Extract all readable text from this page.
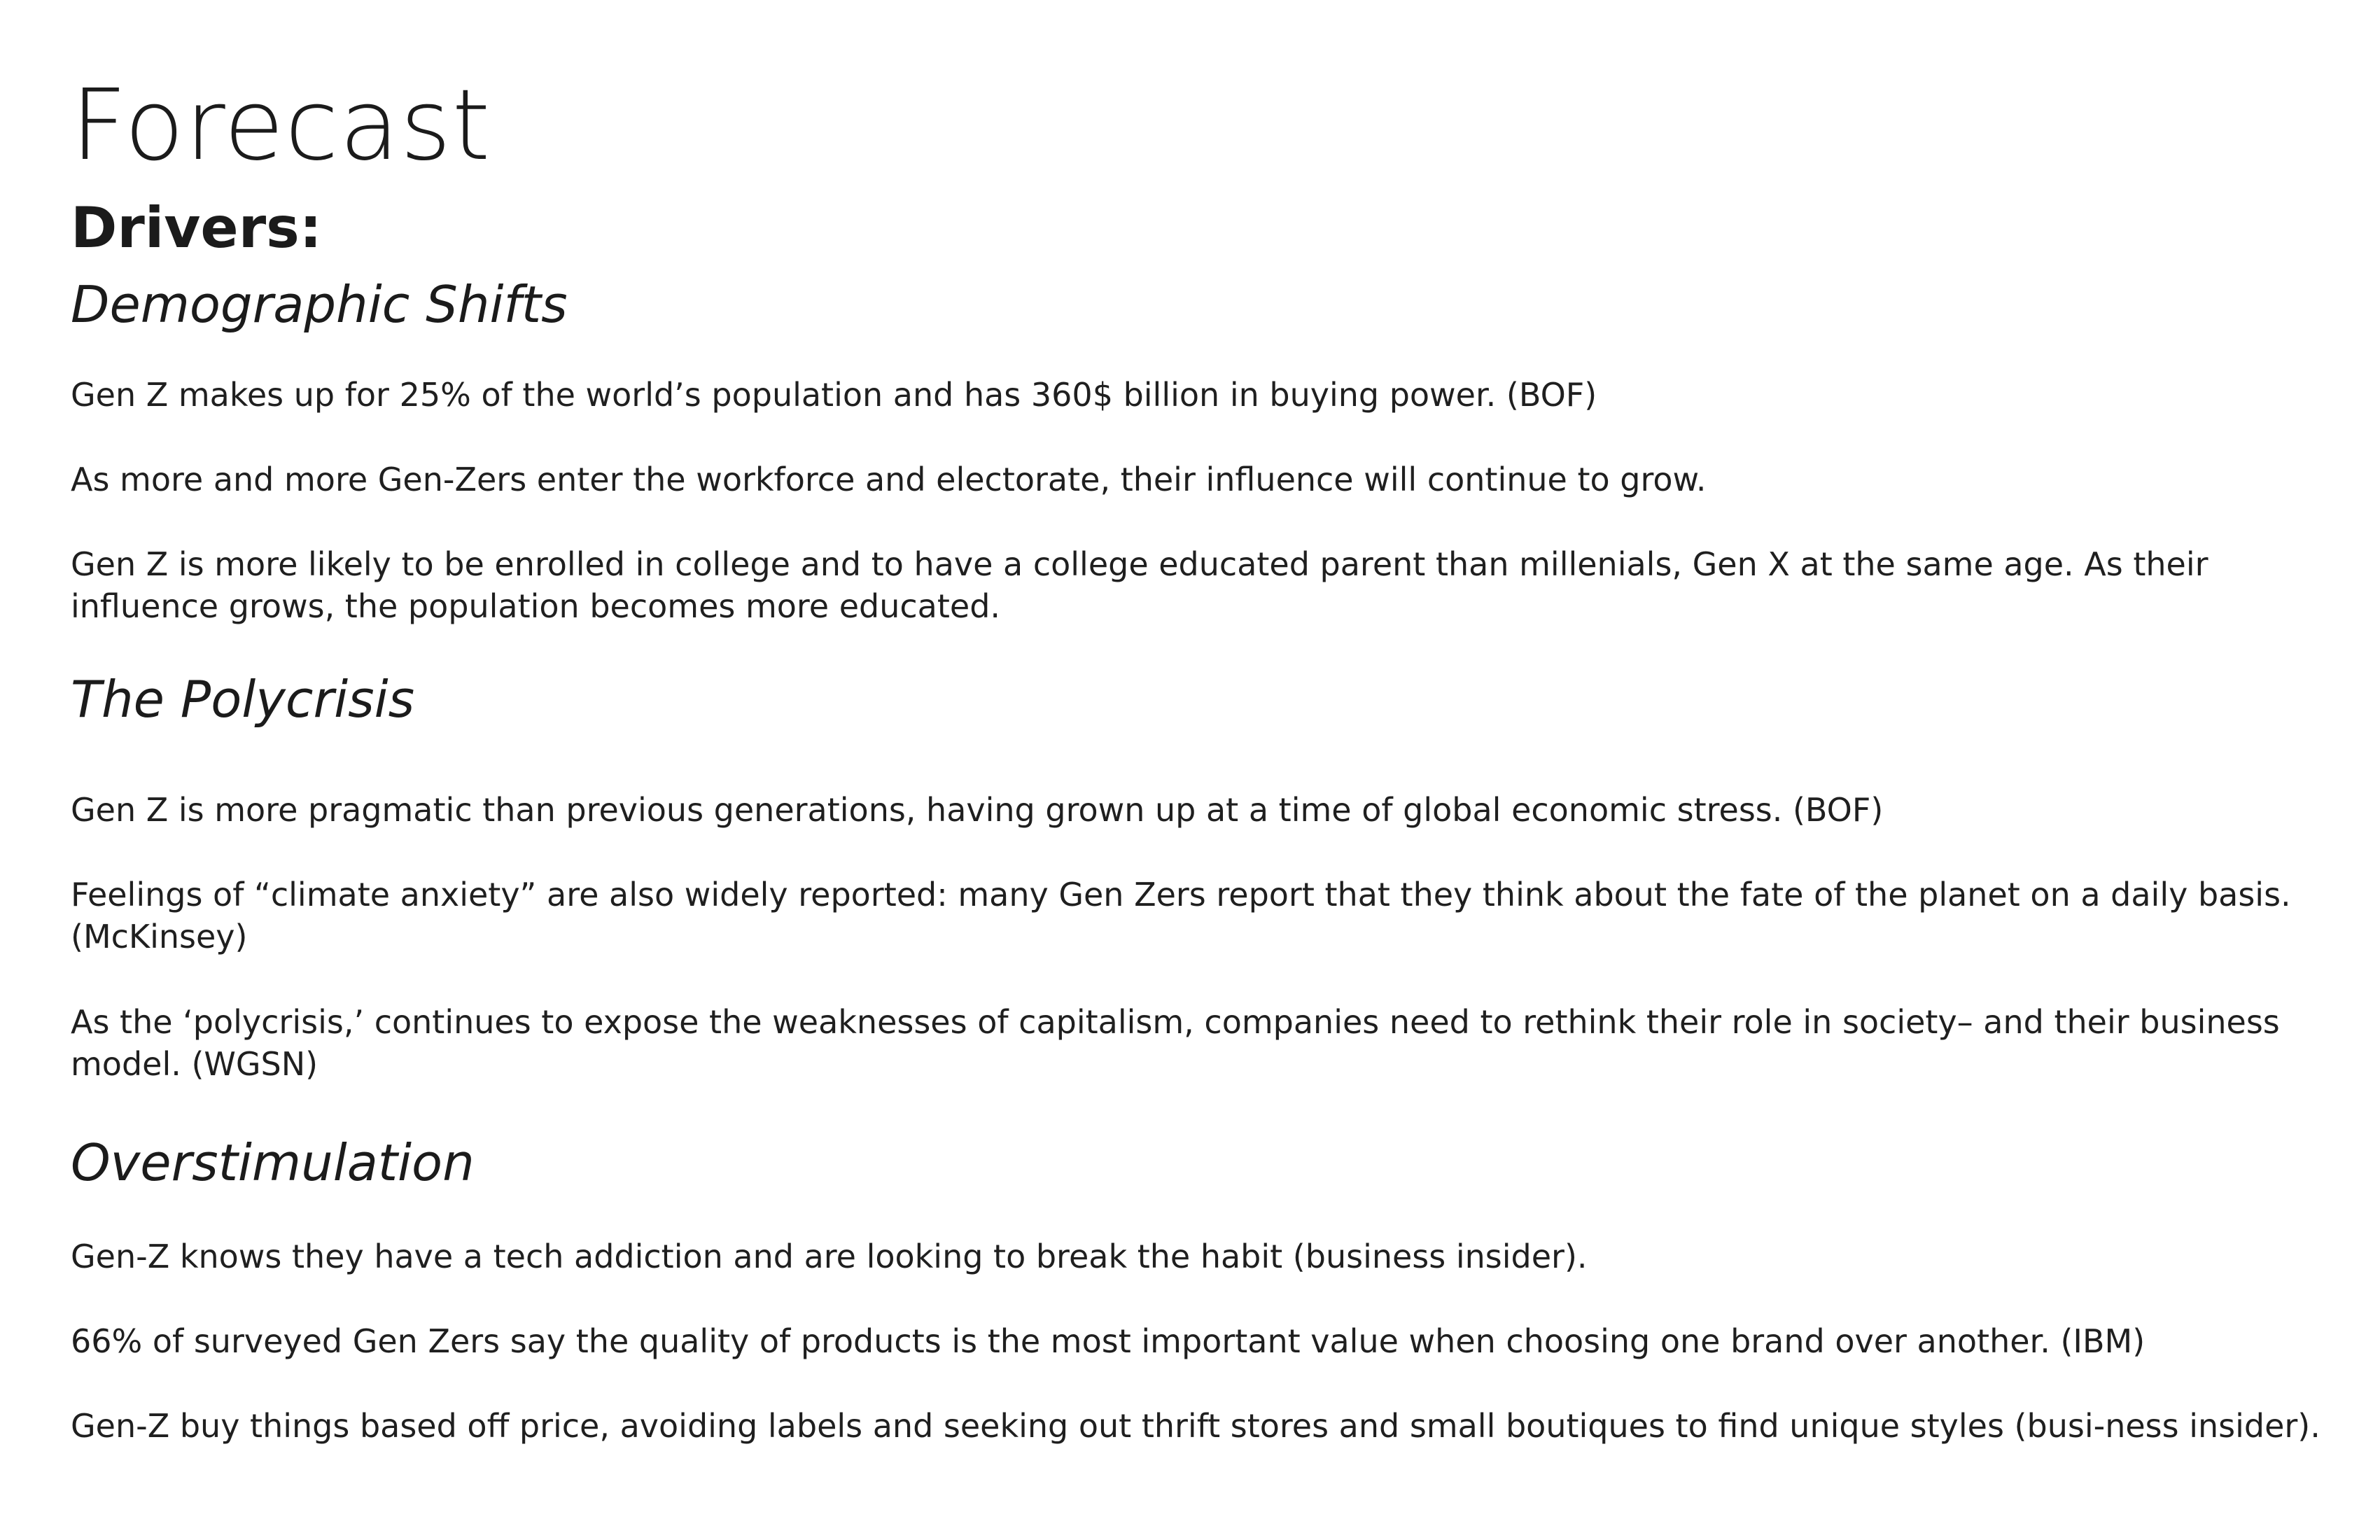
Forecast
Drivers:
Demographic Shifts

Gen Z makes up for 25% of the world’s population and has 360$ billion in buying power. (BOF)

As more and more Gen-Zers enter the workforce and electorate, their influence will continue to grow.

Gen Z is more likely to be enrolled in college and to have a college educated parent than millenials, Gen X at the same age. As their influence grows, the population becomes more educated.

The Polycrisis

Gen Z is more pragmatic than previous generations, having grown up at a time of global economic stress. (BOF)

Feelings of “climate anxiety” are also widely reported: many Gen Zers report that they think about the fate of the planet on a daily basis. (McKinsey)

As the ‘polycrisis,’ continues to expose the weaknesses of capitalism, companies need to rethink their role in society– and their business model. (WGSN)

Overstimulation

Gen-Z knows they have a tech addiction and are looking to break the habit (business insider).

66% of surveyed Gen Zers say the quality of products is the most important value when choosing one brand over another. (IBM)

Gen-Z buy things based off price, avoiding labels and seeking out thrift stores and small boutiques to find unique styles (busi-ness insider).
